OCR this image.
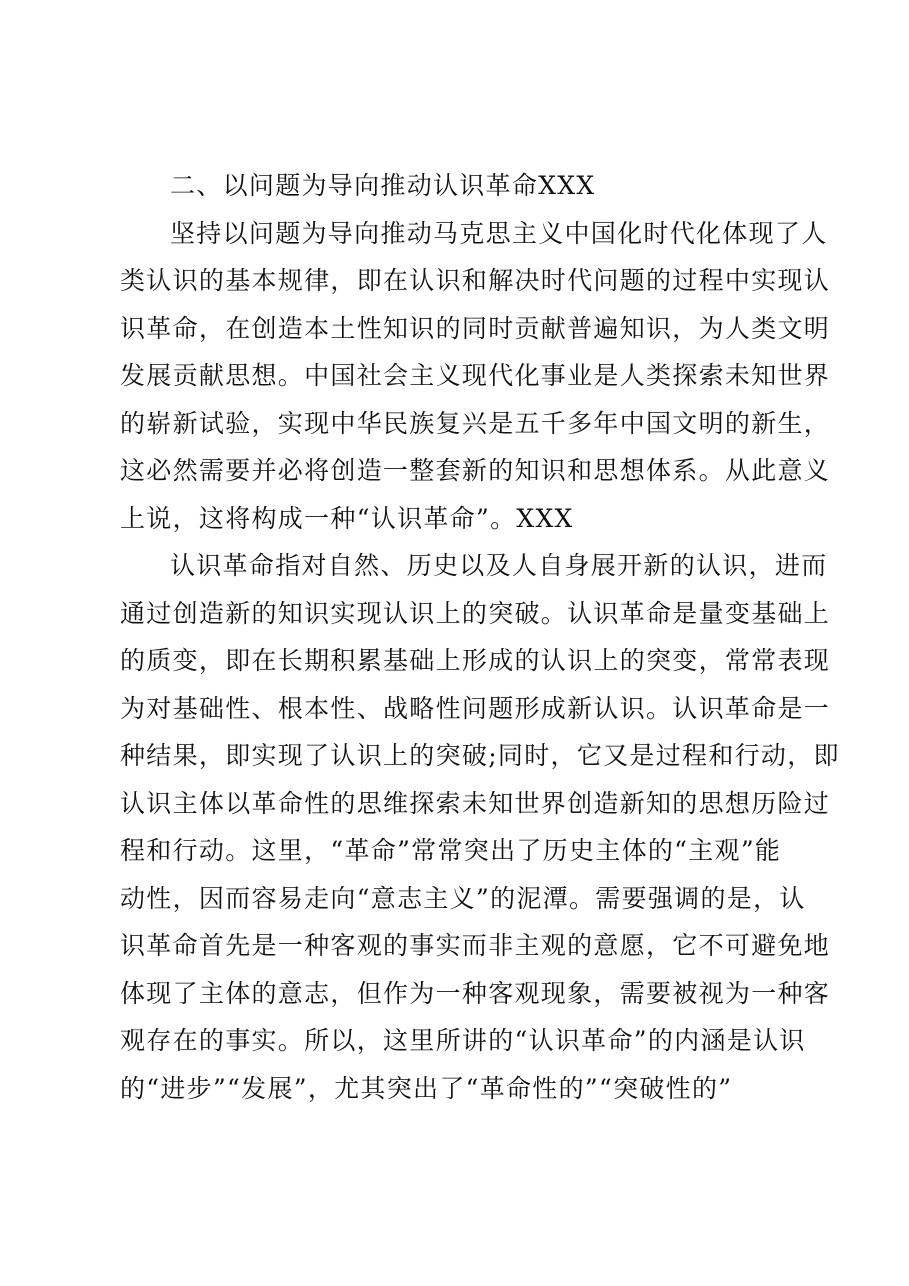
二、以问题为导向推动认识革命XXX
坚持以问题为导向推动马克思主义中国化时代化体现了人
类认识的基本规律，即在认识和解决时代问题的过程中实现认
识革命，在创造本土性知识的同时贡献普遍知识，为人类文明
发展贡献思想。中国社会主义现代化事业是人类探索未知世界
的崭新试验，实现中华民族复兴是五千多年中国文明的新生，
这必然需要并必将创造一整套新的知识和思想体系。从此意义
上说，这将构成一种“认识革命”。XXX
认识革命指对自然、历史以及人自身展开新的认识，进而
通过创造新的知识实现认识上的突破。认识革命是量变基础上
的质变，即在长期积累基础上形成的认识上的突变，常常表现
为对基础性、根本性、战略性问题形成新认识。认识革命是一
种结果，即实现了认识上的突破;同时，它又是过程和行动，即
认识主体以革命性的思维探索未知世界创造新知的思想历险过
程和行动。这里，“革命”常常突出了历史主体的“主观”能
动性，因而容易走向“意志主义”的泥潭。需要强调的是，认
识革命首先是一种客观的事实而非主观的意愿，它不可避免地
体现了主体的意志，但作为一种客观现象，需要被视为一种客
观存在的事实。所以，这里所讲的“认识革命”的内涵是认识
的“进步”“发展”，尤其突出了“革命性的”“突破性的”
